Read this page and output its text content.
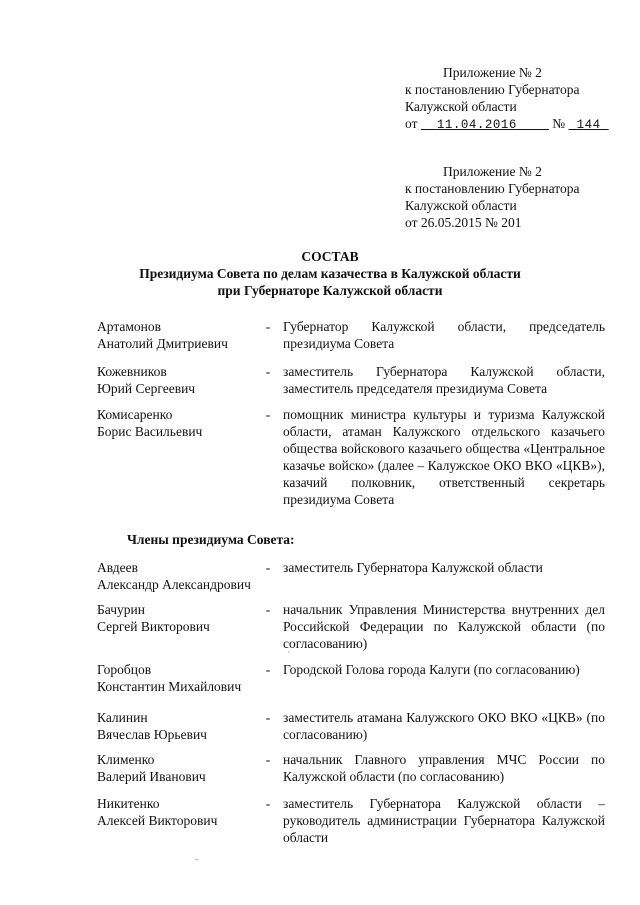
Приложение № 2
к постановлению Губернатора
Калужской области
от 11.04.2016	№ 144
Приложение № 2
к постановлению Губернатора
Калужской области
от 26.05.2015 № 201
СОСТАВ
Президиума Совета по делам казачества в Калужской области
при Губернаторе Калужской области
Артамонов
Анатолий Дмитриевич
- Губернатор Калужской области, председатель президиума Совета
Кожевников
Юрий Сергеевич
- заместитель Губернатора Калужской области, заместитель председателя президиума Совета
Комисаренко
Борис Васильевич
- помощник министра культуры и туризма Калужской области, атаман Калужского отдельского казачьего общества войскового казачьего общества «Центральное казачье войско» (далее – Калужское ОКО ВКО «ЦКВ»), казачий полковник, ответственный секретарь президиума Совета
Члены президиума Совета:
Авдеев
Александр Александрович
- заместитель Губернатора Калужской области
Бачурин
Сергей Викторович
- начальник Управления Министерства внутренних дел Российской Федерации по Калужской области (по согласованию)
Горобцов
Константин Михайлович
- Городской Голова города Калуги (по согласованию)
Калинин
Вячеслав Юрьевич
- заместитель атамана Калужского ОКО ВКО «ЦКВ» (по согласованию)
Клименко
Валерий Иванович
- начальник Главного управления МЧС России по Калужской области (по согласованию)
Никитенко
Алексей Викторович
- заместитель Губернатора Калужской области – руководитель администрации Губернатора Калужской области
ˉ
´
